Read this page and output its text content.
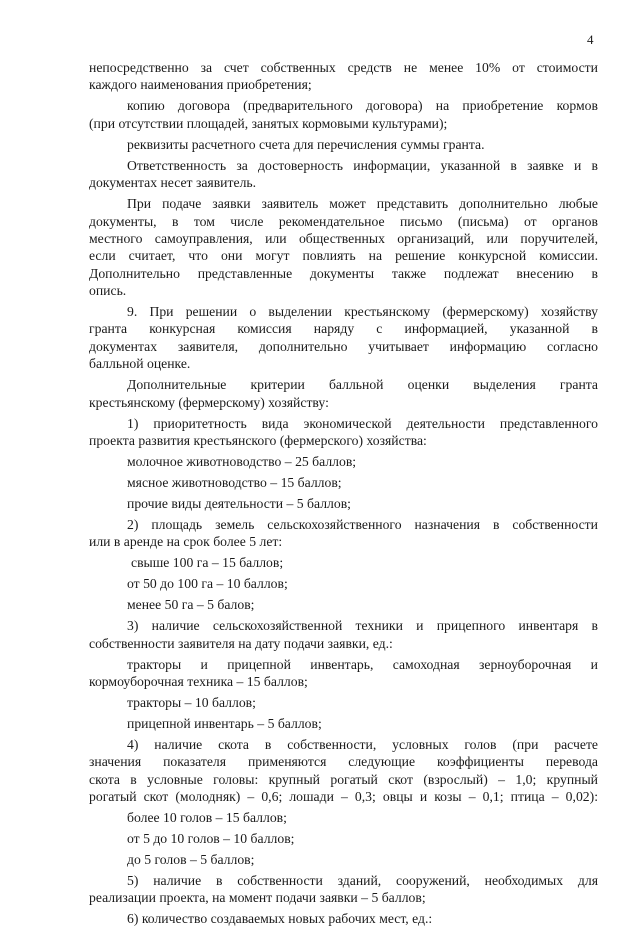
4
непосредственно за счет собственных средств не менее 10% от стоимости
каждого наименования приобретения;
копию договора (предварительного договора) на приобретение кормов
(при отсутствии площадей, занятых кормовыми культурами);
реквизиты расчетного счета для перечисления суммы гранта.
Ответственность за достоверность информации, указанной в заявке и в
документах несет заявитель.
При подаче заявки заявитель может представить дополнительно любые
документы, в том числе рекомендательное письмо (письма) от органов
местного самоуправления, или общественных организаций, или поручителей,
если считает, что они могут повлиять на решение конкурсной комиссии.
Дополнительно представленные документы также подлежат внесению в
опись.
9. При решении о выделении крестьянскому (фермерскому) хозяйству
гранта конкурсная комиссия наряду с информацией, указанной в
документах заявителя, дополнительно учитывает информацию согласно
балльной оценке.
Дополнительные критерии балльной оценки выделения гранта
крестьянскому (фермерскому) хозяйству:
1) приоритетность вида экономической деятельности представленного
проекта развития крестьянского (фермерского) хозяйства:
молочное животноводство – 25 баллов;
мясное животноводство – 15 баллов;
прочие виды деятельности – 5 баллов;
2) площадь земель сельскохозяйственного назначения в собственности
или в аренде на срок более 5 лет:
свыше 100 га – 15 баллов;
от 50 до 100 га – 10 баллов;
менее 50 га – 5 балов;
3) наличие сельскохозяйственной техники и прицепного инвентаря в
собственности заявителя на дату подачи заявки, ед.:
тракторы и прицепной инвентарь, самоходная зерноуборочная и
кормоуборочная техника – 15 баллов;
тракторы – 10 баллов;
прицепной инвентарь – 5 баллов;
4) наличие скота в собственности, условных голов (при расчете
значения показателя применяются следующие коэффициенты перевода
скота в условные головы: крупный рогатый скот (взрослый) – 1,0; крупный
рогатый скот (молодняк) – 0,6; лошади – 0,3; овцы и козы – 0,1; птица – 0,02):
более 10 голов – 15 баллов;
от 5 до 10 голов – 10 баллов;
до 5 голов – 5 баллов;
5) наличие в собственности зданий, сооружений, необходимых для
реализации проекта, на момент подачи заявки – 5 баллов;
6) количество создаваемых новых рабочих мест, ед.:
